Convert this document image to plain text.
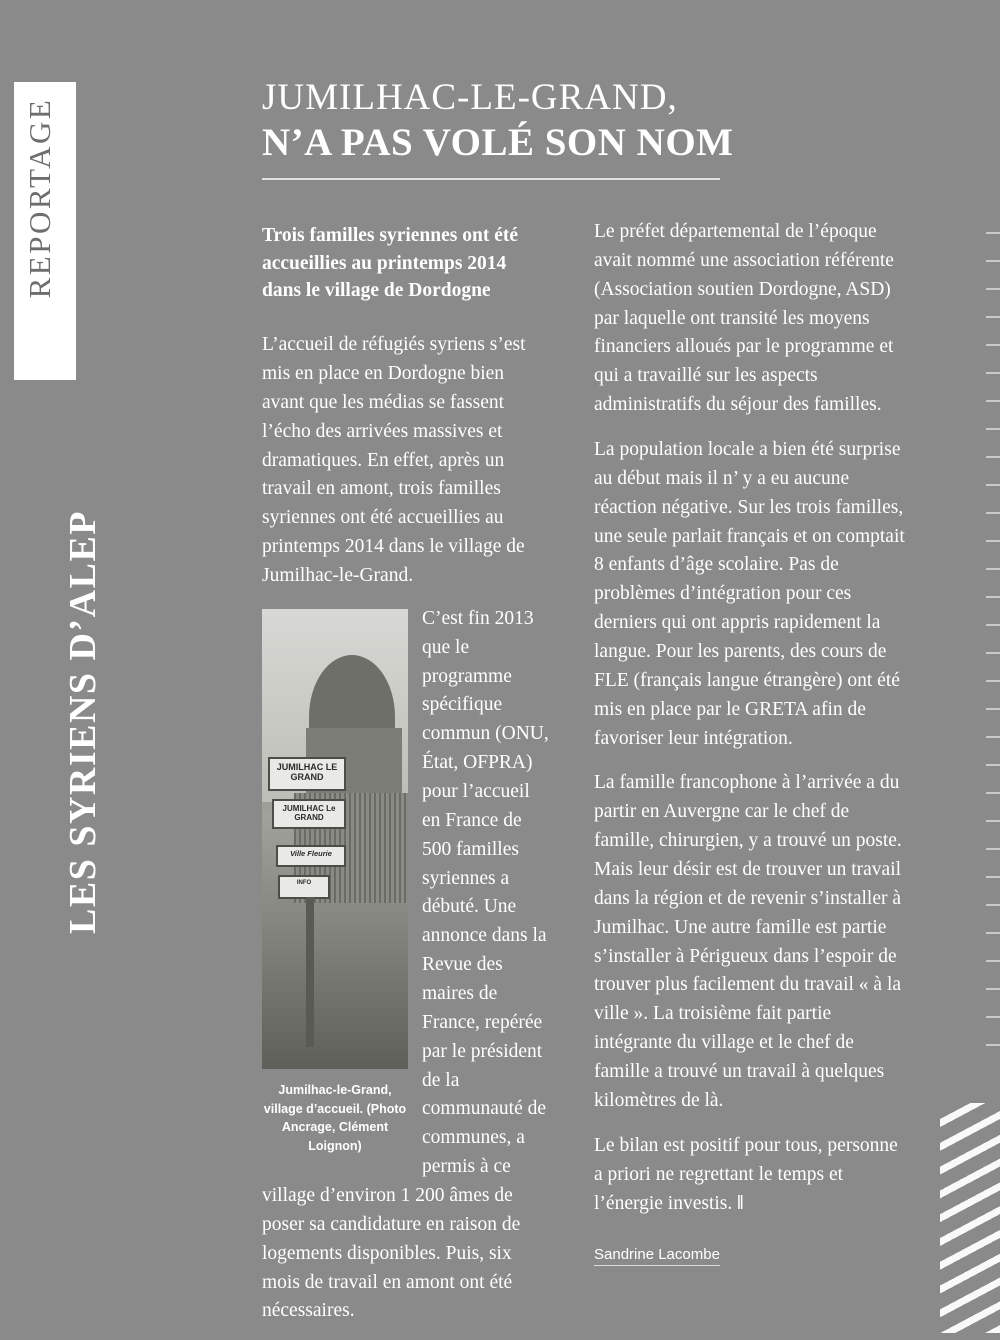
REPORTAGE
LES SYRIENS D’ALEP
JUMILHAC-LE-GRAND,
N’A PAS VOLÉ SON NOM

Trois familles syriennes ont été accueillies au printemps 2014 dans le village de Dordogne

L’accueil de réfugiés syriens s’est mis en place en Dordogne bien avant que les médias se fassent l’écho des arrivées massives et dramatiques. En effet, après un travail en amont, trois familles syriennes ont été accueillies au printemps 2014 dans le village de Jumilhac-le-Grand.

JUMILHAC LE GRAND
JUMILHAC Le GRAND
Ville Fleurie
INFO
Jumilhac-le-Grand, village d’accueil. (Photo Ancrage, Clément Loignon)

C’est fin 2013 que le programme spécifique commun (ONU, État, OFPRA) pour l’accueil en France de 500 familles syriennes a débuté. Une annonce dans la Revue des maires de France, repérée par le président de la communauté de communes, a permis à ce village d’environ 1 200 âmes de poser sa candidature en raison de logements disponibles. Puis, six mois de travail en amont ont été nécessaires.

Le préfet départemental de l’époque avait nommé une association référente (Association soutien Dordogne, ASD) par laquelle ont transité les moyens financiers alloués par le programme et qui a travaillé sur les aspects administratifs du séjour des familles.

La population locale a bien été surprise au début mais il n’ y a eu aucune réaction négative. Sur les trois familles, une seule parlait français et on comptait 8 enfants d’âge scolaire. Pas de problèmes d’intégration pour ces derniers qui ont appris rapidement la langue. Pour les parents, des cours de FLE (français langue étrangère) ont été mis en place par le GRETA afin de favoriser leur intégration.

La famille francophone à l’arrivée a du partir en Auvergne car le chef de famille, chirurgien, y a trouvé un poste. Mais leur désir est de trouver un travail dans la région et de revenir s’installer à Jumilhac. Une autre famille est partie s’installer à Périgueux dans l’espoir de trouver plus facilement du travail « à la ville ». La troisième fait partie intégrante du village et le chef de famille a trouvé un travail à quelques kilomètres de là.

Le bilan est positif pour tous, personne a priori ne regrettant le temps et l’énergie investis. ‖

Sandrine Lacombe
